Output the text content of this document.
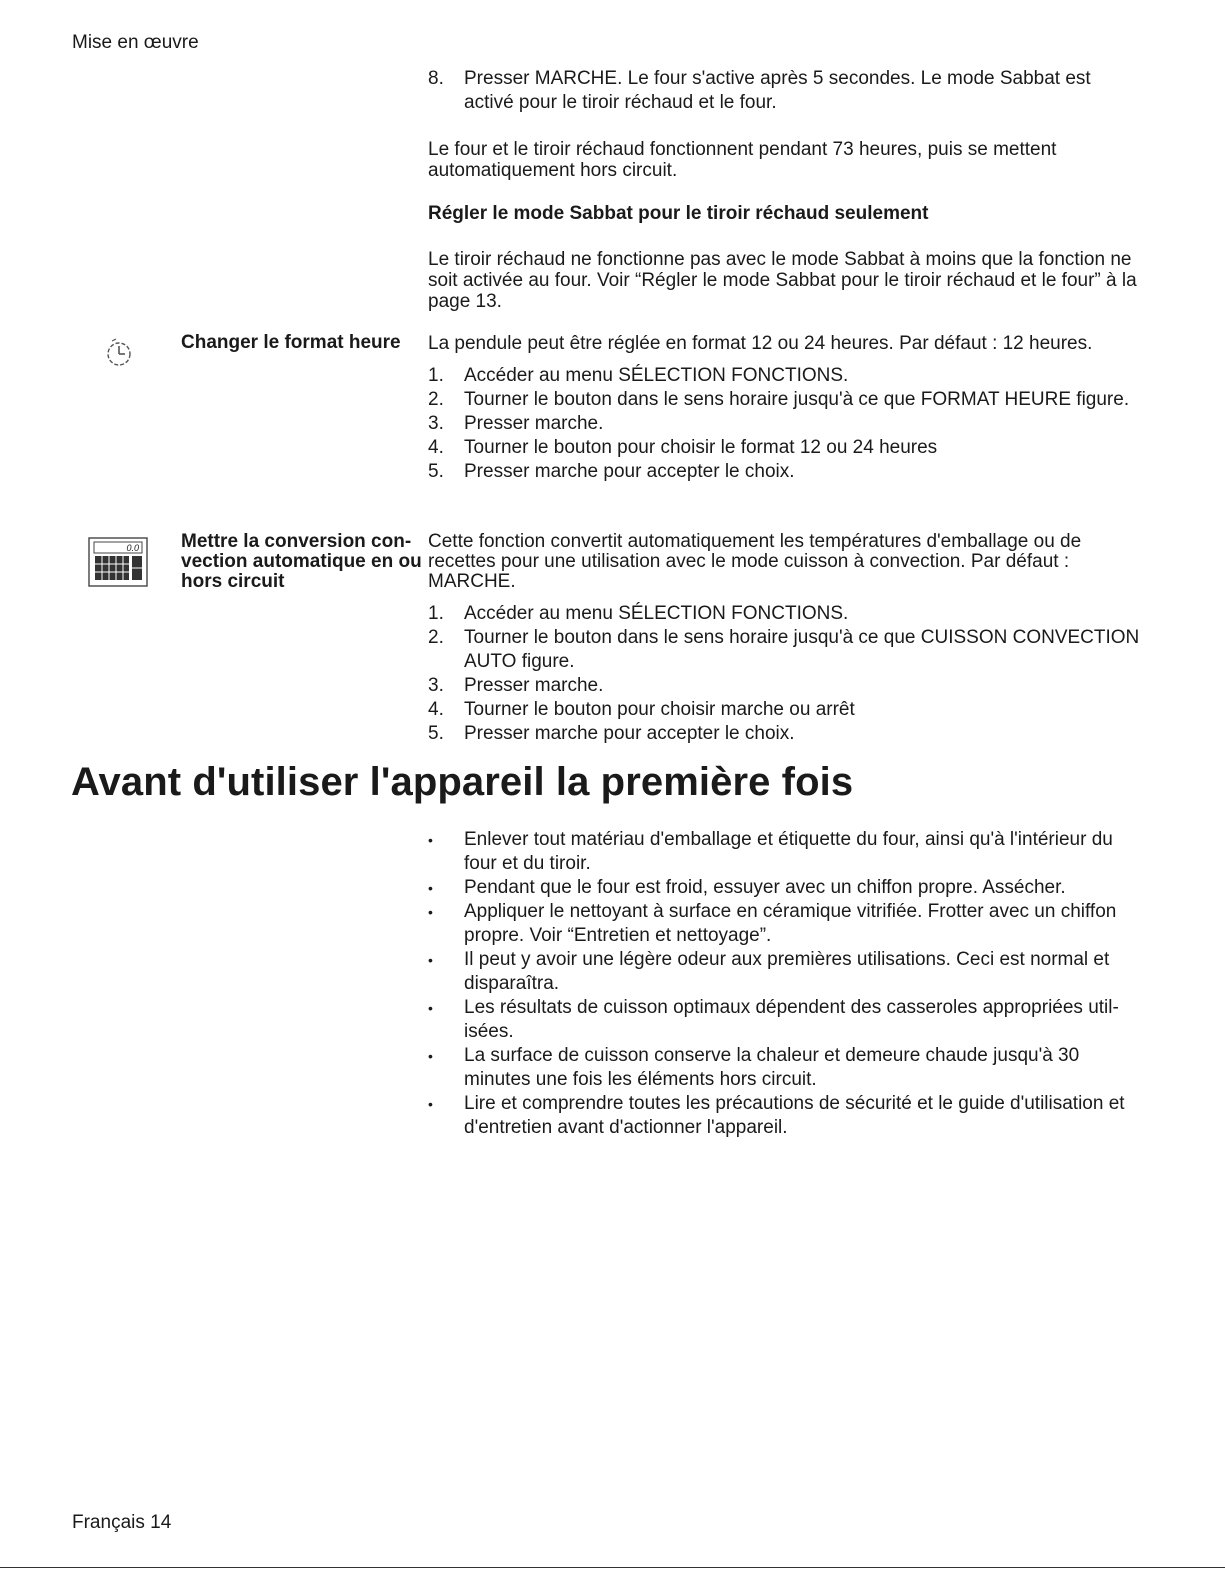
Mise en œuvre
8. Presser MARCHE. Le four s'active après 5 secondes. Le mode Sabbat est activé pour le tiroir réchaud et le four.

Le four et le tiroir réchaud fonctionnent pendant 73 heures, puis se mettent automatiquement hors circuit.

Régler le mode Sabbat pour le tiroir réchaud seulement

Le tiroir réchaud ne fonctionne pas avec le mode Sabbat à moins que la fonction ne soit activée au four. Voir “Régler le mode Sabbat pour le tiroir réchaud et le four” à la page 13.

Changer le format heure	La pendule peut être réglée en format 12 ou 24 heures. Par défaut : 12 heures.

1. Accéder au menu SÉLECTION FONCTIONS.
2. Tourner le bouton dans le sens horaire jusqu'à ce que FORMAT HEURE figure.
3. Presser marche.
4. Tourner le bouton pour choisir le format 12 ou 24 heures
5. Presser marche pour accepter le choix.
0.0 Mettre la conversion convection automatique en ou hors circuit

Cette fonction convertit automatiquement les températures d'emballage ou de recettes pour une utilisation avec le mode cuisson à convection. Par défaut : MARCHE.

1. Accéder au menu SÉLECTION FONCTIONS.
2. Tourner le bouton dans le sens horaire jusqu'à ce que CUISSON CONVECTION AUTO figure.
3. Presser marche.
4. Tourner le bouton pour choisir marche ou arrêt
5. Presser marche pour accepter le choix.
Avant d'utiliser l'appareil la première fois
•	Enlever tout matériau d'emballage et étiquette du four, ainsi qu'à l'intérieur du four et du tiroir.
•	Pendant que le four est froid, essuyer avec un chiffon propre. Assécher.
•	Appliquer le nettoyant à surface en céramique vitrifiée. Frotter avec un chiffon propre. Voir “Entretien et nettoyage”.
•	Il peut y avoir une légère odeur aux premières utilisations. Ceci est normal et disparaîtra.
•	Les résultats de cuisson optimaux dépendent des casseroles appropriées utilisées.
•	La surface de cuisson conserve la chaleur et demeure chaude jusqu'à 30 minutes une fois les éléments hors circuit.
•	Lire et comprendre toutes les précautions de sécurité et le guide d'utilisation et d'entretien avant d'actionner l'appareil.
Français 14
